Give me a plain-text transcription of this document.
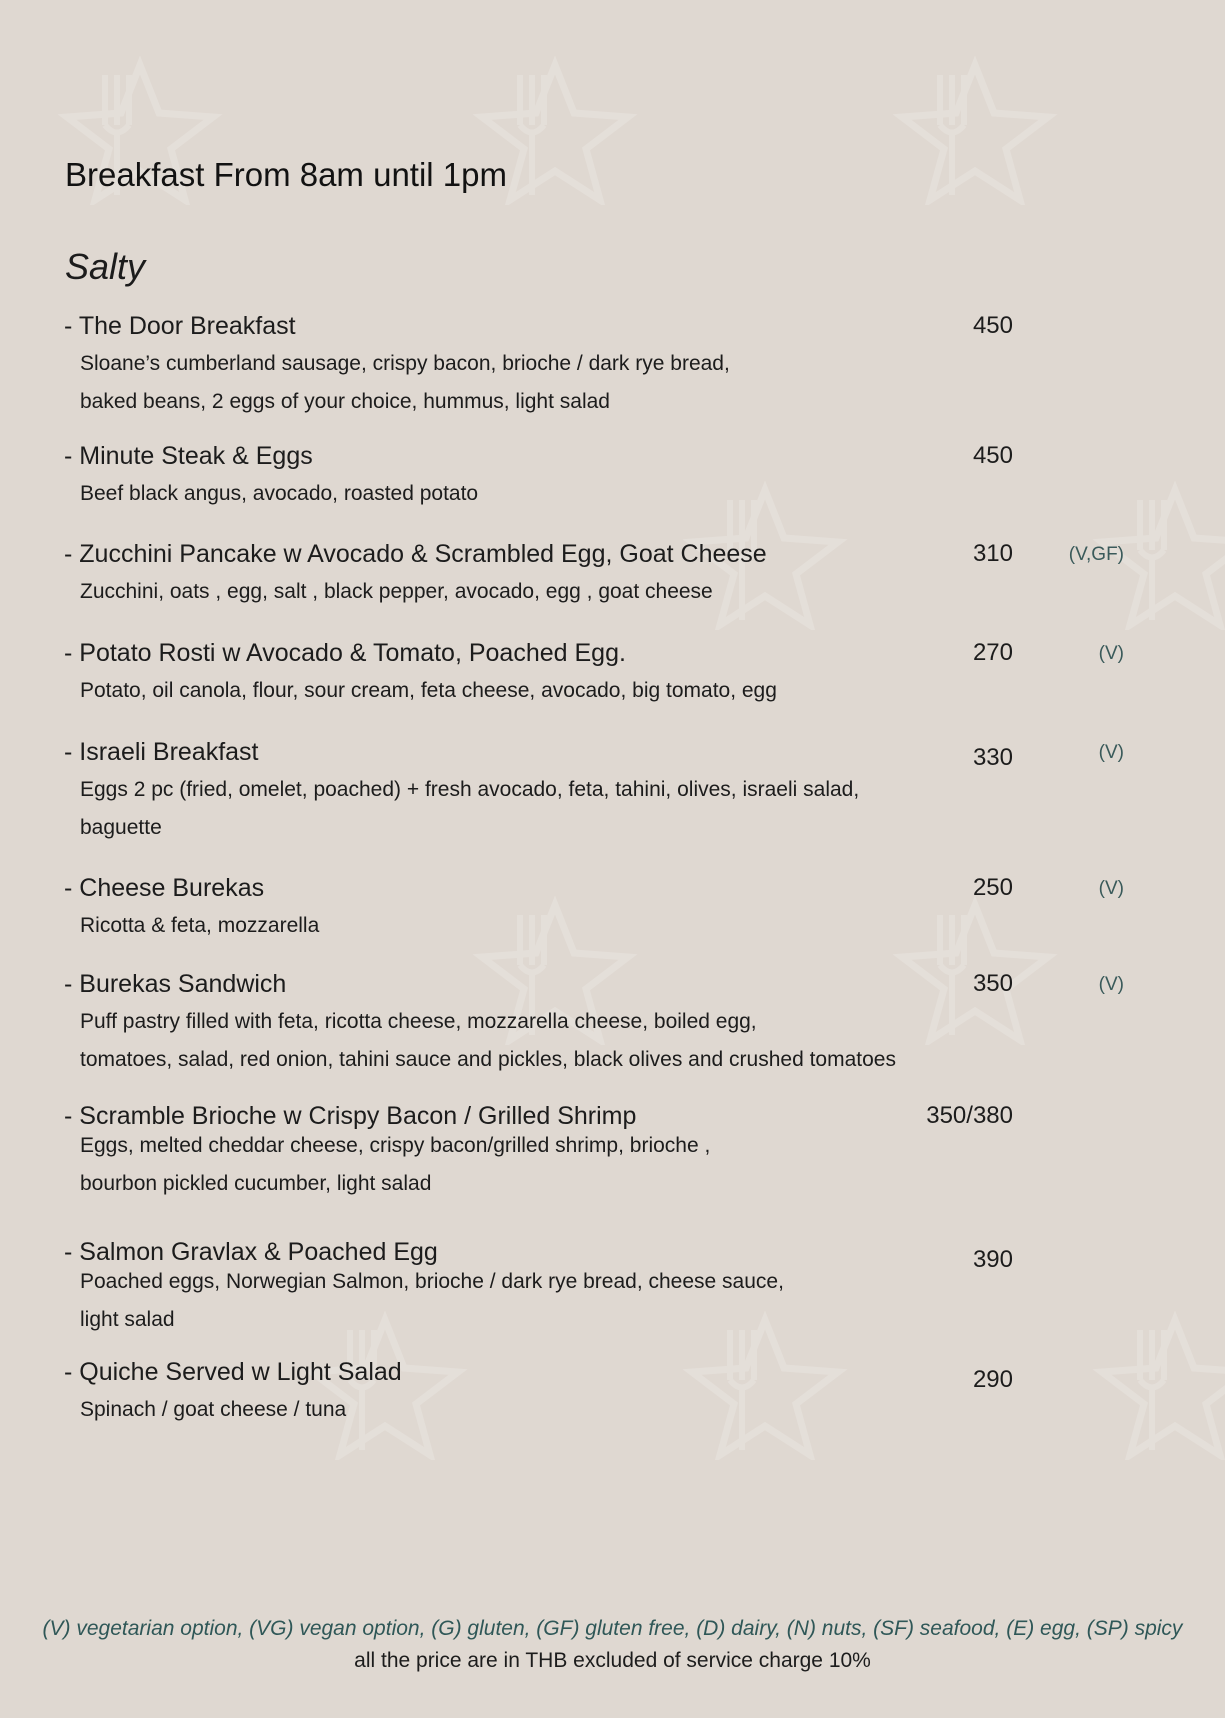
Breakfast From 8am until 1pm
Salty
- The Door Breakfast	450
Sloane’s cumberland sausage, crispy bacon, brioche / dark rye bread,
baked beans, 2 eggs of your choice, hummus, light salad
- Minute Steak & Eggs	450
Beef black angus, avocado, roasted potato
- Zucchini Pancake w Avocado & Scrambled Egg, Goat Cheese	310	(V,GF)
Zucchini, oats , egg, salt , black pepper, avocado, egg , goat cheese
- Potato Rosti w Avocado & Tomato, Poached Egg.	270	(V)
Potato, oil canola, flour, sour cream, feta cheese, avocado, big tomato, egg
- Israeli Breakfast	330	(V)
Eggs 2 pc (fried, omelet, poached) + fresh avocado, feta, tahini, olives, israeli salad,
baguette
- Cheese Burekas	250	(V)
Ricotta & feta, mozzarella
- Burekas Sandwich	350	(V)
Puff pastry filled with feta, ricotta cheese, mozzarella cheese, boiled egg,
tomatoes, salad, red onion, tahini sauce and pickles, black olives and crushed tomatoes
- Scramble Brioche w Crispy Bacon / Grilled Shrimp	350/380
Eggs, melted cheddar cheese, crispy bacon/grilled shrimp, brioche ,
bourbon pickled cucumber, light salad
- Salmon Gravlax & Poached Egg	390
Poached eggs, Norwegian Salmon, brioche / dark rye bread, cheese sauce,
light salad
- Quiche Served w Light Salad	290
Spinach / goat cheese / tuna
(V) vegetarian option, (VG) vegan option, (G) gluten, (GF) gluten free, (D) dairy, (N) nuts, (SF) seafood, (E) egg, (SP) spicy
all the price are in THB excluded of service charge 10%
